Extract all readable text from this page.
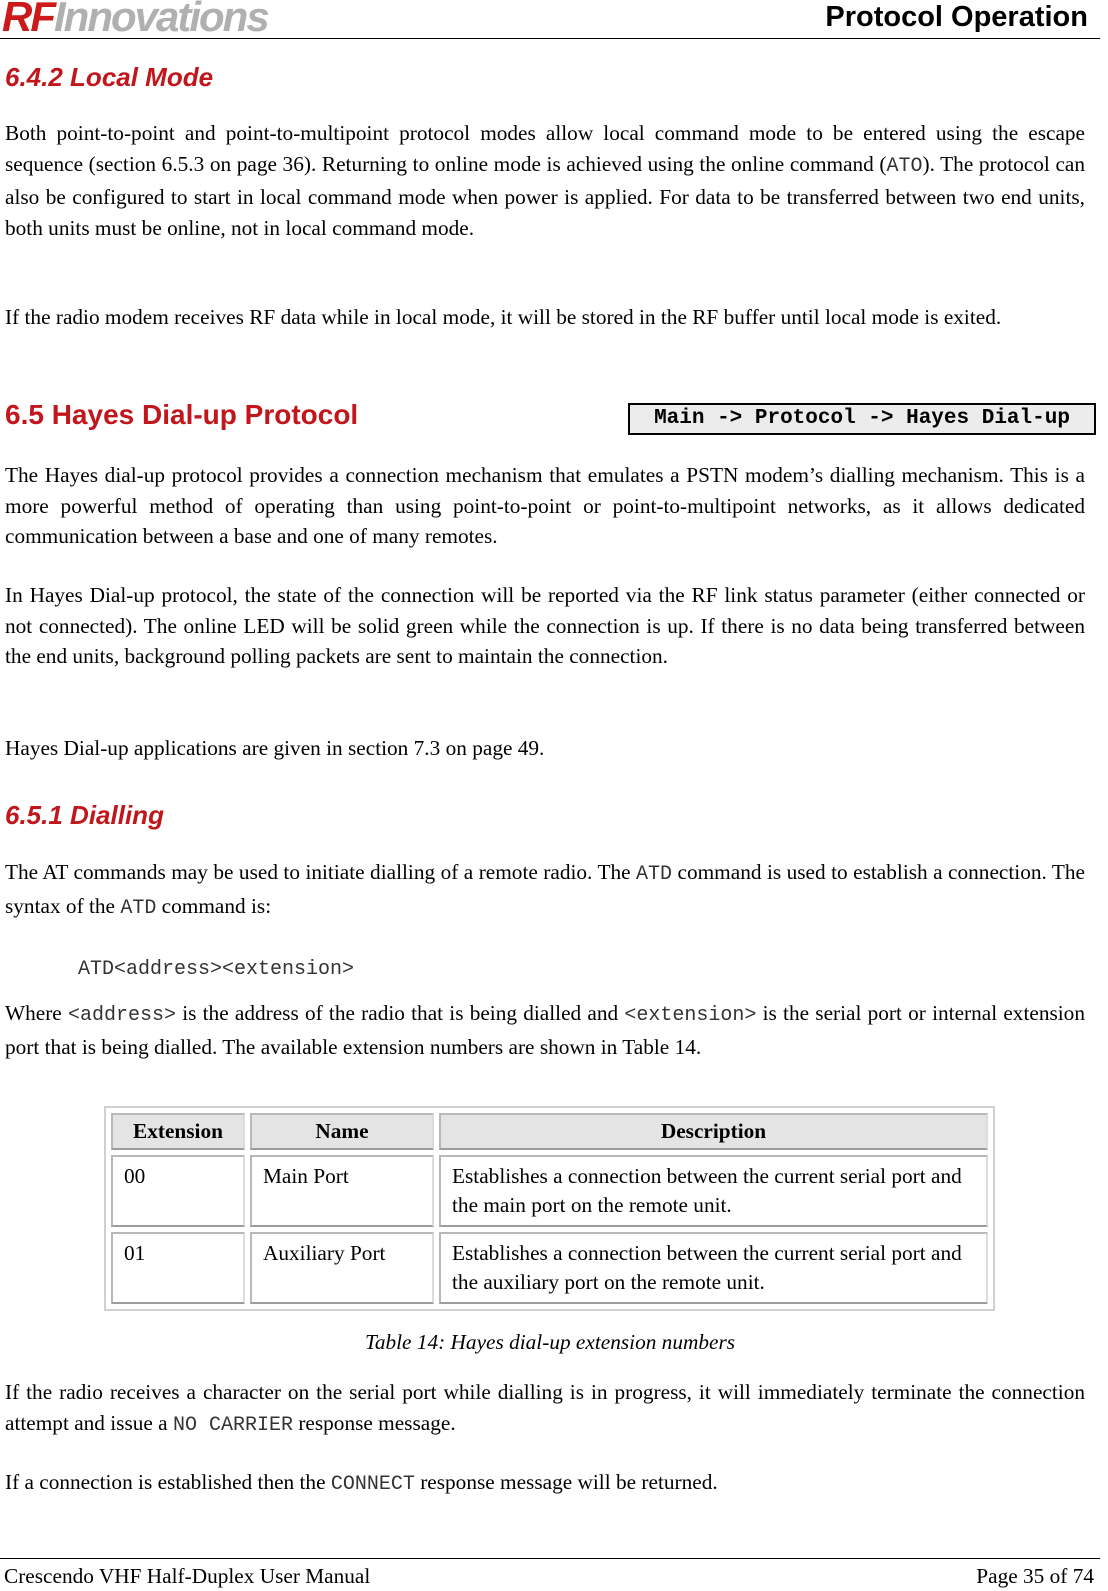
RFInnovations	Protocol Operation
6.4.2 Local Mode

Both point-to-point and point-to-multipoint protocol modes allow local command mode to be entered using the escape sequence (section 6.5.3 on page 36). Returning to online mode is achieved using the online command (ATO). The protocol can also be configured to start in local command mode when power is applied. For data to be transferred between two end units, both units must be online, not in local command mode.

If the radio modem receives RF data while in local mode, it will be stored in the RF buffer until local mode is exited.

6.5 Hayes Dial-up Protocol	Main -> Protocol -> Hayes Dial-up

The Hayes dial-up protocol provides a connection mechanism that emulates a PSTN modem’s dialling mechanism. This is a more powerful method of operating than using point-to-point or point-to-multipoint networks, as it allows dedicated communication between a base and one of many remotes.

In Hayes Dial-up protocol, the state of the connection will be reported via the RF link status parameter (either connected or not connected). The online LED will be solid green while the connection is up. If there is no data being transferred between the end units, background polling packets are sent to maintain the connection.

Hayes Dial-up applications are given in section 7.3 on page 49.

6.5.1 Dialling

The AT commands may be used to initiate dialling of a remote radio. The ATD command is used to establish a connection. The syntax of the ATD command is:

ATD<address><extension>

Where <address> is the address of the radio that is being dialled and <extension> is the serial port or internal extension port that is being dialled. The available extension numbers are shown in Table 14.

Extension	Name	Description
00	Main Port	Establishes a connection between the current serial port and the main port on the remote unit.
01	Auxiliary Port	Establishes a connection between the current serial port and the auxiliary port on the remote unit.
Table 14: Hayes dial-up extension numbers

If the radio receives a character on the serial port while dialling is in progress, it will immediately terminate the connection attempt and issue a NO CARRIER response message.

If a connection is established then the CONNECT response message will be returned.

Crescendo VHF Half-Duplex User Manual	Page 35 of 74
